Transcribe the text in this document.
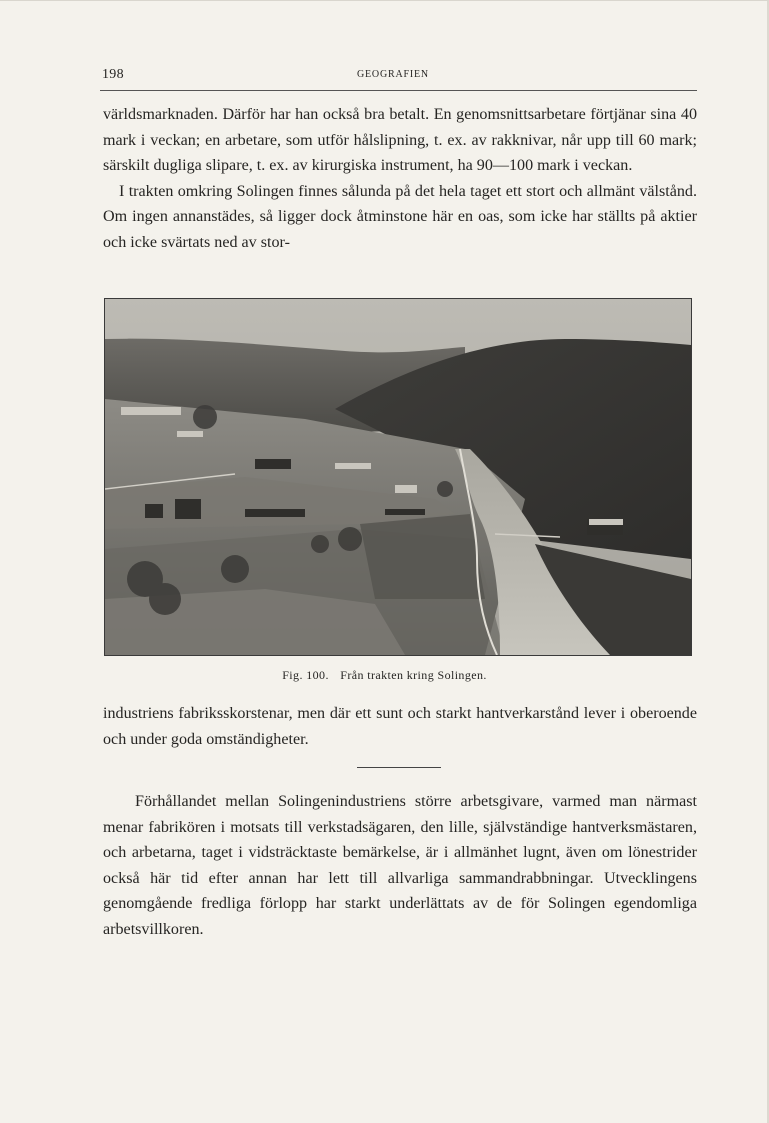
198	GEOGRAFIEN

världsmarknaden. Därför har han också bra betalt. En genomsnittsarbetare förtjänar sina 40 mark i veckan; en arbetare, som utför hålslipning, t. ex. av rakknivar, når upp till 60 mark; särskilt dugliga slipare, t. ex. av kirurgiska instrument, ha 90—100 mark i veckan.

I trakten omkring Solingen finnes sålunda på det hela taget ett stort och allmänt välstånd. Om ingen annanstädes, så ligger dock åtminstone här en oas, som icke har ställts på aktier och icke svärtats ned av stor-

Fig. 100. Från trakten kring Solingen.

industriens fabriksskorstenar, men där ett sunt och starkt hantverkarstånd lever i oberoende och under goda omständigheter.

Förhållandet mellan Solingenindustriens större arbetsgivare, varmed man närmast menar fabrikören i motsats till verkstadsägaren, den lille, självständige hantverksmästaren, och arbetarna, taget i vidsträcktaste bemärkelse, är i allmänhet lugnt, även om lönestrider också här tid efter annan har lett till allvarliga sammandrabbningar. Utvecklingens genomgående fredliga förlopp har starkt underlättats av de för Solingen egendomliga arbetsvillkoren.
